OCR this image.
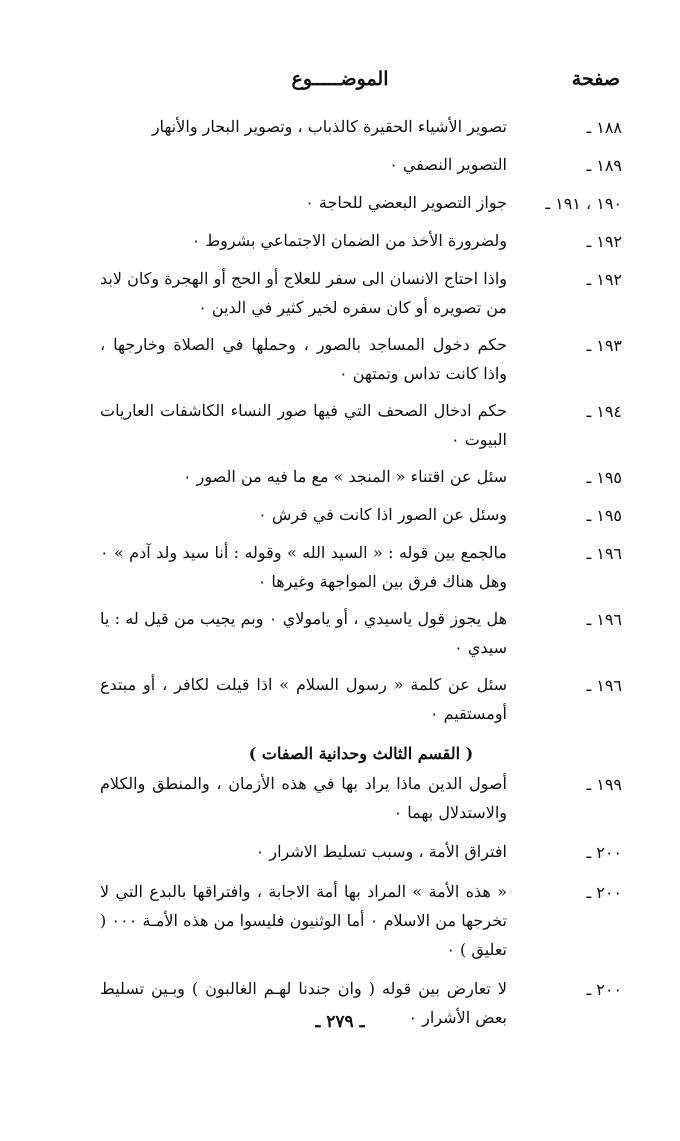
صفحة
الموضـــــوع
١٨٨ ـ
تصوير الأشياء الحقيرة كالذباب ، وتصوير البحار والأنهار
١٨٩ ـ
التصوير النصفي ٠
١٩٠ ، ١٩١ ـ
جواز التصوير البعضي للحاجة ٠
١٩٢ ـ
ولضرورة الأخذ من الضمان الاجتماعي بشروط ٠
١٩٢ ـ
واذا احتاج الانسان الى سفر للعلاج أو الحج أو الهجرة وكان لابد من تصويره أو كان سفره لخير كثير في الدين ٠
١٩٣ ـ
حكم دخول المساجد بالصور ، وحملها في الصلاة وخارجها ، واذا كانت تداس وتمتهن ٠
١٩٤ ـ
حكم ادخال الصحف التي فيها صور النساء الكاشفات العاريات البيوت ٠
١٩٥ ـ
سئل عن اقتناء « المنجد » مع ما فيه من الصور ٠
١٩٥ ـ
وسئل عن الصور اذا كانت في فرش ٠
١٩٦ ـ
مالجمع بين قوله : « السيد الله » وقوله : أنا سيد ولد آدم » ٠ وهل هناك فرق بين المواجهة وغيرها ٠
١٩٦ ـ
هل يجوز قول ياسيدي ، أو يامولاي ٠ وبم يجيب من قيل له : يا سيدي ٠
١٩٦ ـ
سئل عن كلمة « رسول السلام » اذا قيلت لكافر ، أو مبتدع أومستقيم ٠
( القسم الثالث وحدانية الصفات )
١٩٩ ـ
أصول الدين ماذا يراد بها في هذه الأزمان ، والمنطق والكلام والاستدلال بهما ٠
٢٠٠ ـ
افتراق الأمة ، وسبب تسليط الاشرار ٠
٢٠٠ ـ
« هذه الأمة » المراد بها أمة الاجابة ، وافتراقها بالبدع التي لا تخرجها من الاسلام ٠ أما الوثنيون فليسوا من هذه الأمـة ٠٠٠ ( تعليق ) ٠
٢٠٠ ـ
لا تعارض بين قوله ( وان جندنا لهـم الغالبون ) وبـين تسليط بعض الأشرار ٠
ـ ٢٧٩ ـ
